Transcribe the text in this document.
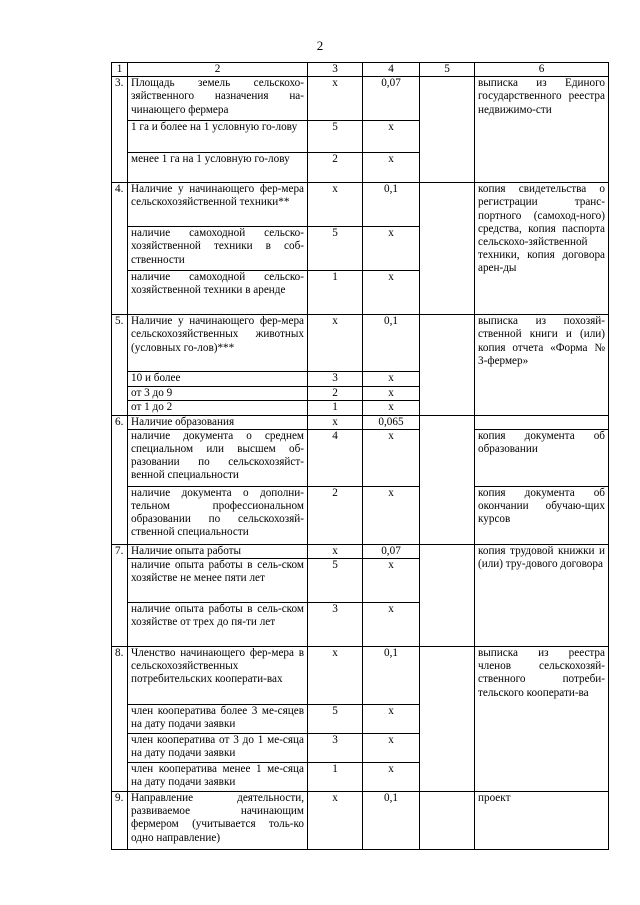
2
1	2	3	4	5	6
3.	Площадь земель сельскохо-зяйственного назначения на-чинающего фермера	х	0,07		выписка из Единого государственного реестра недвижимо-сти
	1 га и более на 1 условную го-лову	5	х		
	менее 1 га на 1 условную го-лову	2	х		
4.	Наличие у начинающего фер-мера сельскохозяйственной техники**	х	0,1		копия свидетельства о регистрации транс-портного (самоход-ного) средства, копия паспорта сельскохо-зяйственной техники, копия договора арен-ды
	наличие самоходной сельско-хозяйственной техники в соб-ственности	5	х		
	наличие самоходной сельско-хозяйственной техники в аренде	1	х		
5.	Наличие у начинающего фер-мера сельскохозяйственных животных (условных го-лов)***	х	0,1		выписка из похозяй-ственной книги и (или) копия отчета «Форма № 3-фермер»
	10 и более	3	х		
	от 3 до 9	2	х		
	от 1 до 2	1	х		
6.	Наличие образования	х	0,065		
	наличие документа о среднем специальном или высшем об-разовании по сельскохозяйст-венной специальности	4	х		копия документа об образовании
	наличие документа о дополни-тельном профессиональном образовании по сельскохозяй-ственной специальности	2	х		копия документа об окончании обучаю-щих курсов
7.	Наличие опыта работы	х	0,07		копия трудовой книжки и (или) тру-дового договора
	наличие опыта работы в сель-ском хозяйстве не менее пяти лет	5	х		
	наличие опыта работы в сель-ском хозяйстве от трех до пя-ти лет	3	х		
8.	Членство начинающего фер-мера в сельскохозяйственных потребительских кооперати-вах	х	0,1		выписка из реестра членов сельскохозяй-ственного потреби-тельского кооперати-ва
	член кооператива более 3 ме-сяцев на дату подачи заявки	5	х		
	член кооператива от 3 до 1 ме-сяца на дату подачи заявки	3	х		
	член кооператива менее 1 ме-сяца на дату подачи заявки	1	х		
9.	Направление деятельности, развиваемое начинающим фермером (учитывается толь-ко одно направление)	х	0,1		проект
